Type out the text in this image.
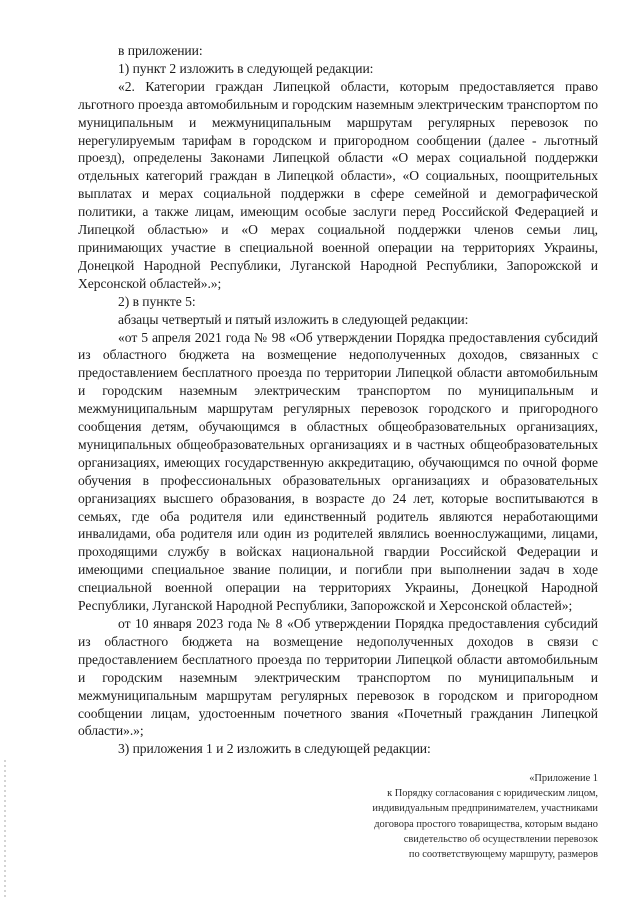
в приложении:

1) пункт 2 изложить в следующей редакции:

«2. Категории граждан Липецкой области, которым предоставляется право льготного проезда автомобильным и городским наземным электрическим транспортом по муниципальным и межмуниципальным маршрутам регулярных перевозок по нерегулируемым тарифам в городском и пригородном сообщении (далее - льготный проезд), определены Законами Липецкой области «О мерах социальной поддержки отдельных категорий граждан в Липецкой области», «О социальных, поощрительных выплатах и мерах социальной поддержки в сфере семейной и демографической политики, а также лицам, имеющим особые заслуги перед Российской Федерацией и Липецкой областью» и «О мерах социальной поддержки членов семьи лиц, принимающих участие в специальной военной операции на территориях Украины, Донецкой Народной Республики, Луганской Народной Республики, Запорожской и Херсонской областей».»;

2) в пункте 5:

абзацы четвертый и пятый изложить в следующей редакции:

«от 5 апреля 2021 года № 98 «Об утверждении Порядка предоставления субсидий из областного бюджета на возмещение недополученных доходов, связанных с предоставлением бесплатного проезда по территории Липецкой области автомобильным и городским наземным электрическим транспортом по муниципальным и межмуниципальным маршрутам регулярных перевозок городского и пригородного сообщения детям, обучающимся в областных общеобразовательных организациях, муниципальных общеобразовательных организациях и в частных общеобразовательных организациях, имеющих государственную аккредитацию, обучающимся по очной форме обучения в профессиональных образовательных организациях и образовательных организациях высшего образования, в возрасте до 24 лет, которые воспитываются в семьях, где оба родителя или единственный родитель являются неработающими инвалидами, оба родителя или один из родителей являлись военнослужащими, лицами, проходящими службу в войсках национальной гвардии Российской Федерации и имеющими специальное звание полиции, и погибли при выполнении задач в ходе специальной военной операции на территориях Украины, Донецкой Народной Республики, Луганской Народной Республики, Запорожской и Херсонской областей»;

от 10 января 2023 года № 8 «Об утверждении Порядка предоставления субсидий из областного бюджета на возмещение недополученных доходов в связи с предоставлением бесплатного проезда по территории Липецкой области автомобильным и городским наземным электрическим транспортом по муниципальным и межмуниципальным маршрутам регулярных перевозок в городском и пригородном сообщении лицам, удостоенным почетного звания «Почетный гражданин Липецкой области».»;

3) приложения 1 и 2 изложить в следующей редакции:

«Приложение 1
к Порядку согласования с юридическим лицом,
индивидуальным предпринимателем, участниками
договора простого товарищества, которым выдано
свидетельство об осуществлении перевозок
по соответствующему маршруту, размеров
